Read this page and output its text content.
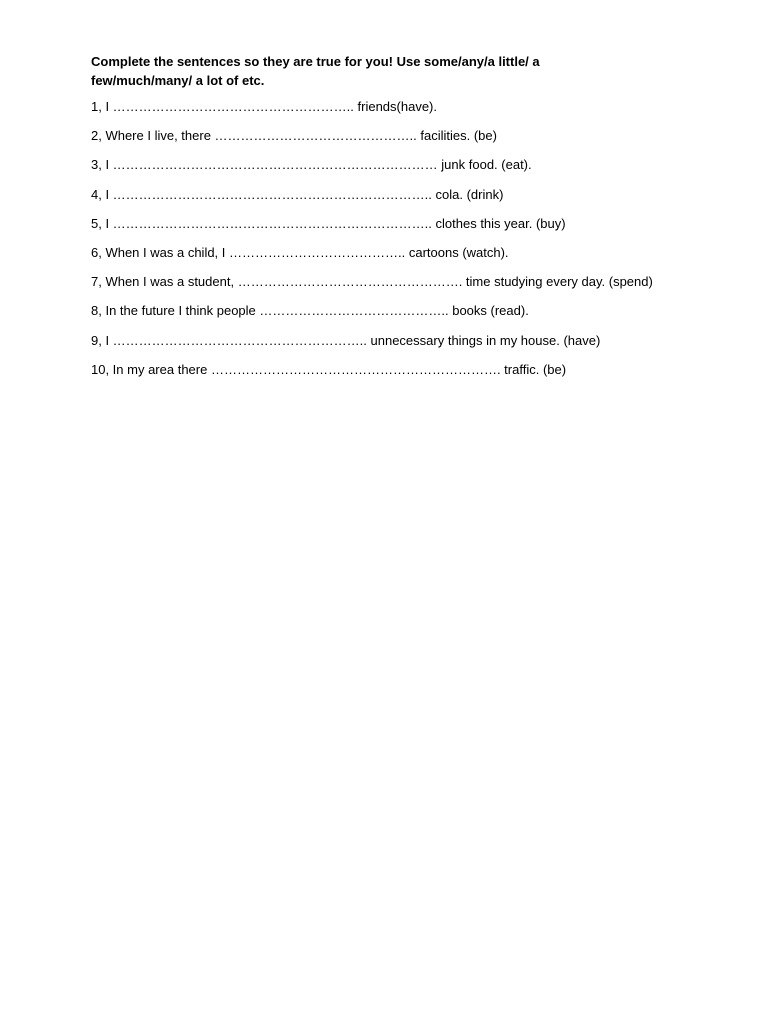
Complete the sentences so they are true for you! Use some/any/a little/ a few/much/many/ a lot of etc.

1, I ……………………………………………….. friends(have).
2, Where I live, there ……………………………………….. facilities. (be)
3, I ………………………………………………………………… junk food. (eat).
4, I ……………………………………………………………….. cola. (drink)
5, I ……………………………………………………………….. clothes this year. (buy)
6, When I was a child, I ………………………………….. cartoons (watch).
7, When I was a student, ……………………………………………. time studying every day. (spend)
8, In the future I think people …………………………………….. books (read).
9, I ………………………………………………….. unnecessary things in my house. (have)
10, In my area there …………………………………………………………. traffic. (be)
